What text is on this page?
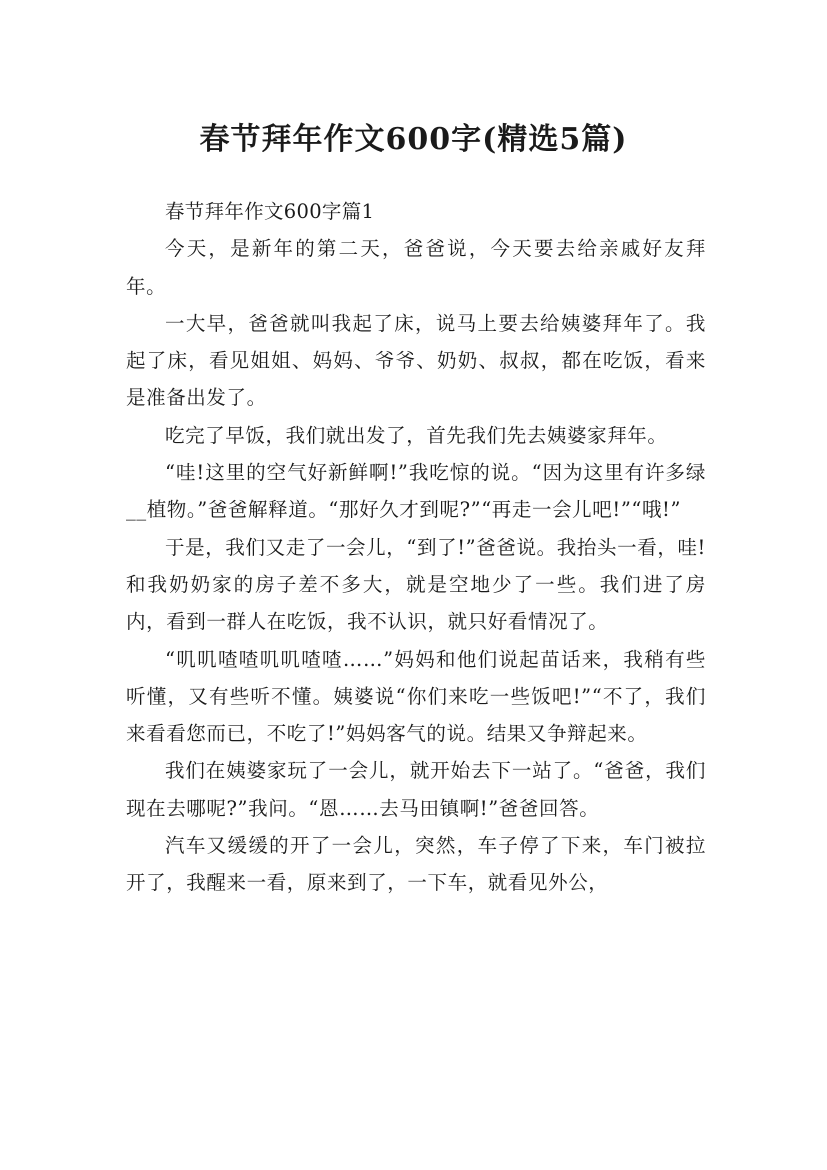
春节拜年作文600字(精选5篇)

春节拜年作文600字篇1

今天，是新年的第二天，爸爸说，今天要去给亲戚好友拜年。

一大早，爸爸就叫我起了床，说马上要去给姨婆拜年了。我起了床，看见姐姐、妈妈、爷爷、奶奶、叔叔，都在吃饭，看来是准备出发了。

吃完了早饭，我们就出发了，首先我们先去姨婆家拜年。

“哇!这里的空气好新鲜啊!”我吃惊的说。“因为这里有许多绿__植物。”爸爸解释道。“那好久才到呢?”“再走一会儿吧!”“哦!”

于是，我们又走了一会儿，“到了!”爸爸说。我抬头一看，哇!和我奶奶家的房子差不多大，就是空地少了一些。我们进了房内，看到一群人在吃饭，我不认识，就只好看情况了。

“叽叽喳喳叽叽喳喳……”妈妈和他们说起苗话来，我稍有些听懂，又有些听不懂。姨婆说“你们来吃一些饭吧!”“不了，我们来看看您而已，不吃了!”妈妈客气的说。结果又争辩起来。

我们在姨婆家玩了一会儿，就开始去下一站了。“爸爸，我们现在去哪呢?”我问。“恩……去马田镇啊!”爸爸回答。

汽车又缓缓的开了一会儿，突然，车子停了下来，车门被拉开了，我醒来一看，原来到了，一下车，就看见外公，
